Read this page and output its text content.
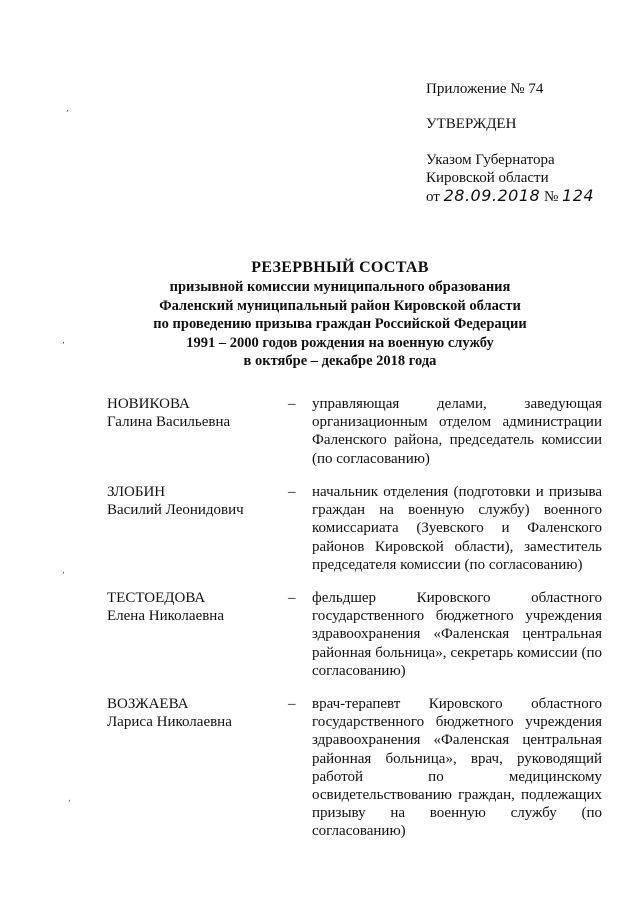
,
,
,
,
Приложение № 74
УТВЕРЖДЕН
Указом Губернатора
Кировской области
от 28.09.2018 № 124
РЕЗЕРВНЫЙ СОСТАВ
призывной комиссии муниципального образования
Фаленский муниципальный район Кировской области
по проведению призыва граждан Российской Федерации
1991 – 2000 годов рождения на военную службу
в октябре – декабре 2018 года
НОВИКОВА
Галина Васильевна
– управляющая делами, заведующая организационным отделом администрации Фаленского района, председатель комиссии (по согласованию)
ЗЛОБИН
Василий Леонидович
– начальник отделения (подготовки и призыва граждан на военную службу) военного комиссариата (Зуевского и Фаленского районов Кировской области), заместитель председателя комиссии (по согласованию)
ТЕСТОЕДОВА
Елена Николаевна
– фельдшер Кировского областного государственного бюджетного учреждения здравоохранения «Фаленская центральная районная больница», секретарь комиссии (по согласованию)
ВОЗЖАЕВА
Лариса Николаевна
– врач-терапевт Кировского областного государственного бюджетного учреждения здравоохранения «Фаленская центральная районная больница», врач, руководящий работой по медицинскому освидетельствованию граждан, подлежащих призыву на военную службу (по согласованию)
